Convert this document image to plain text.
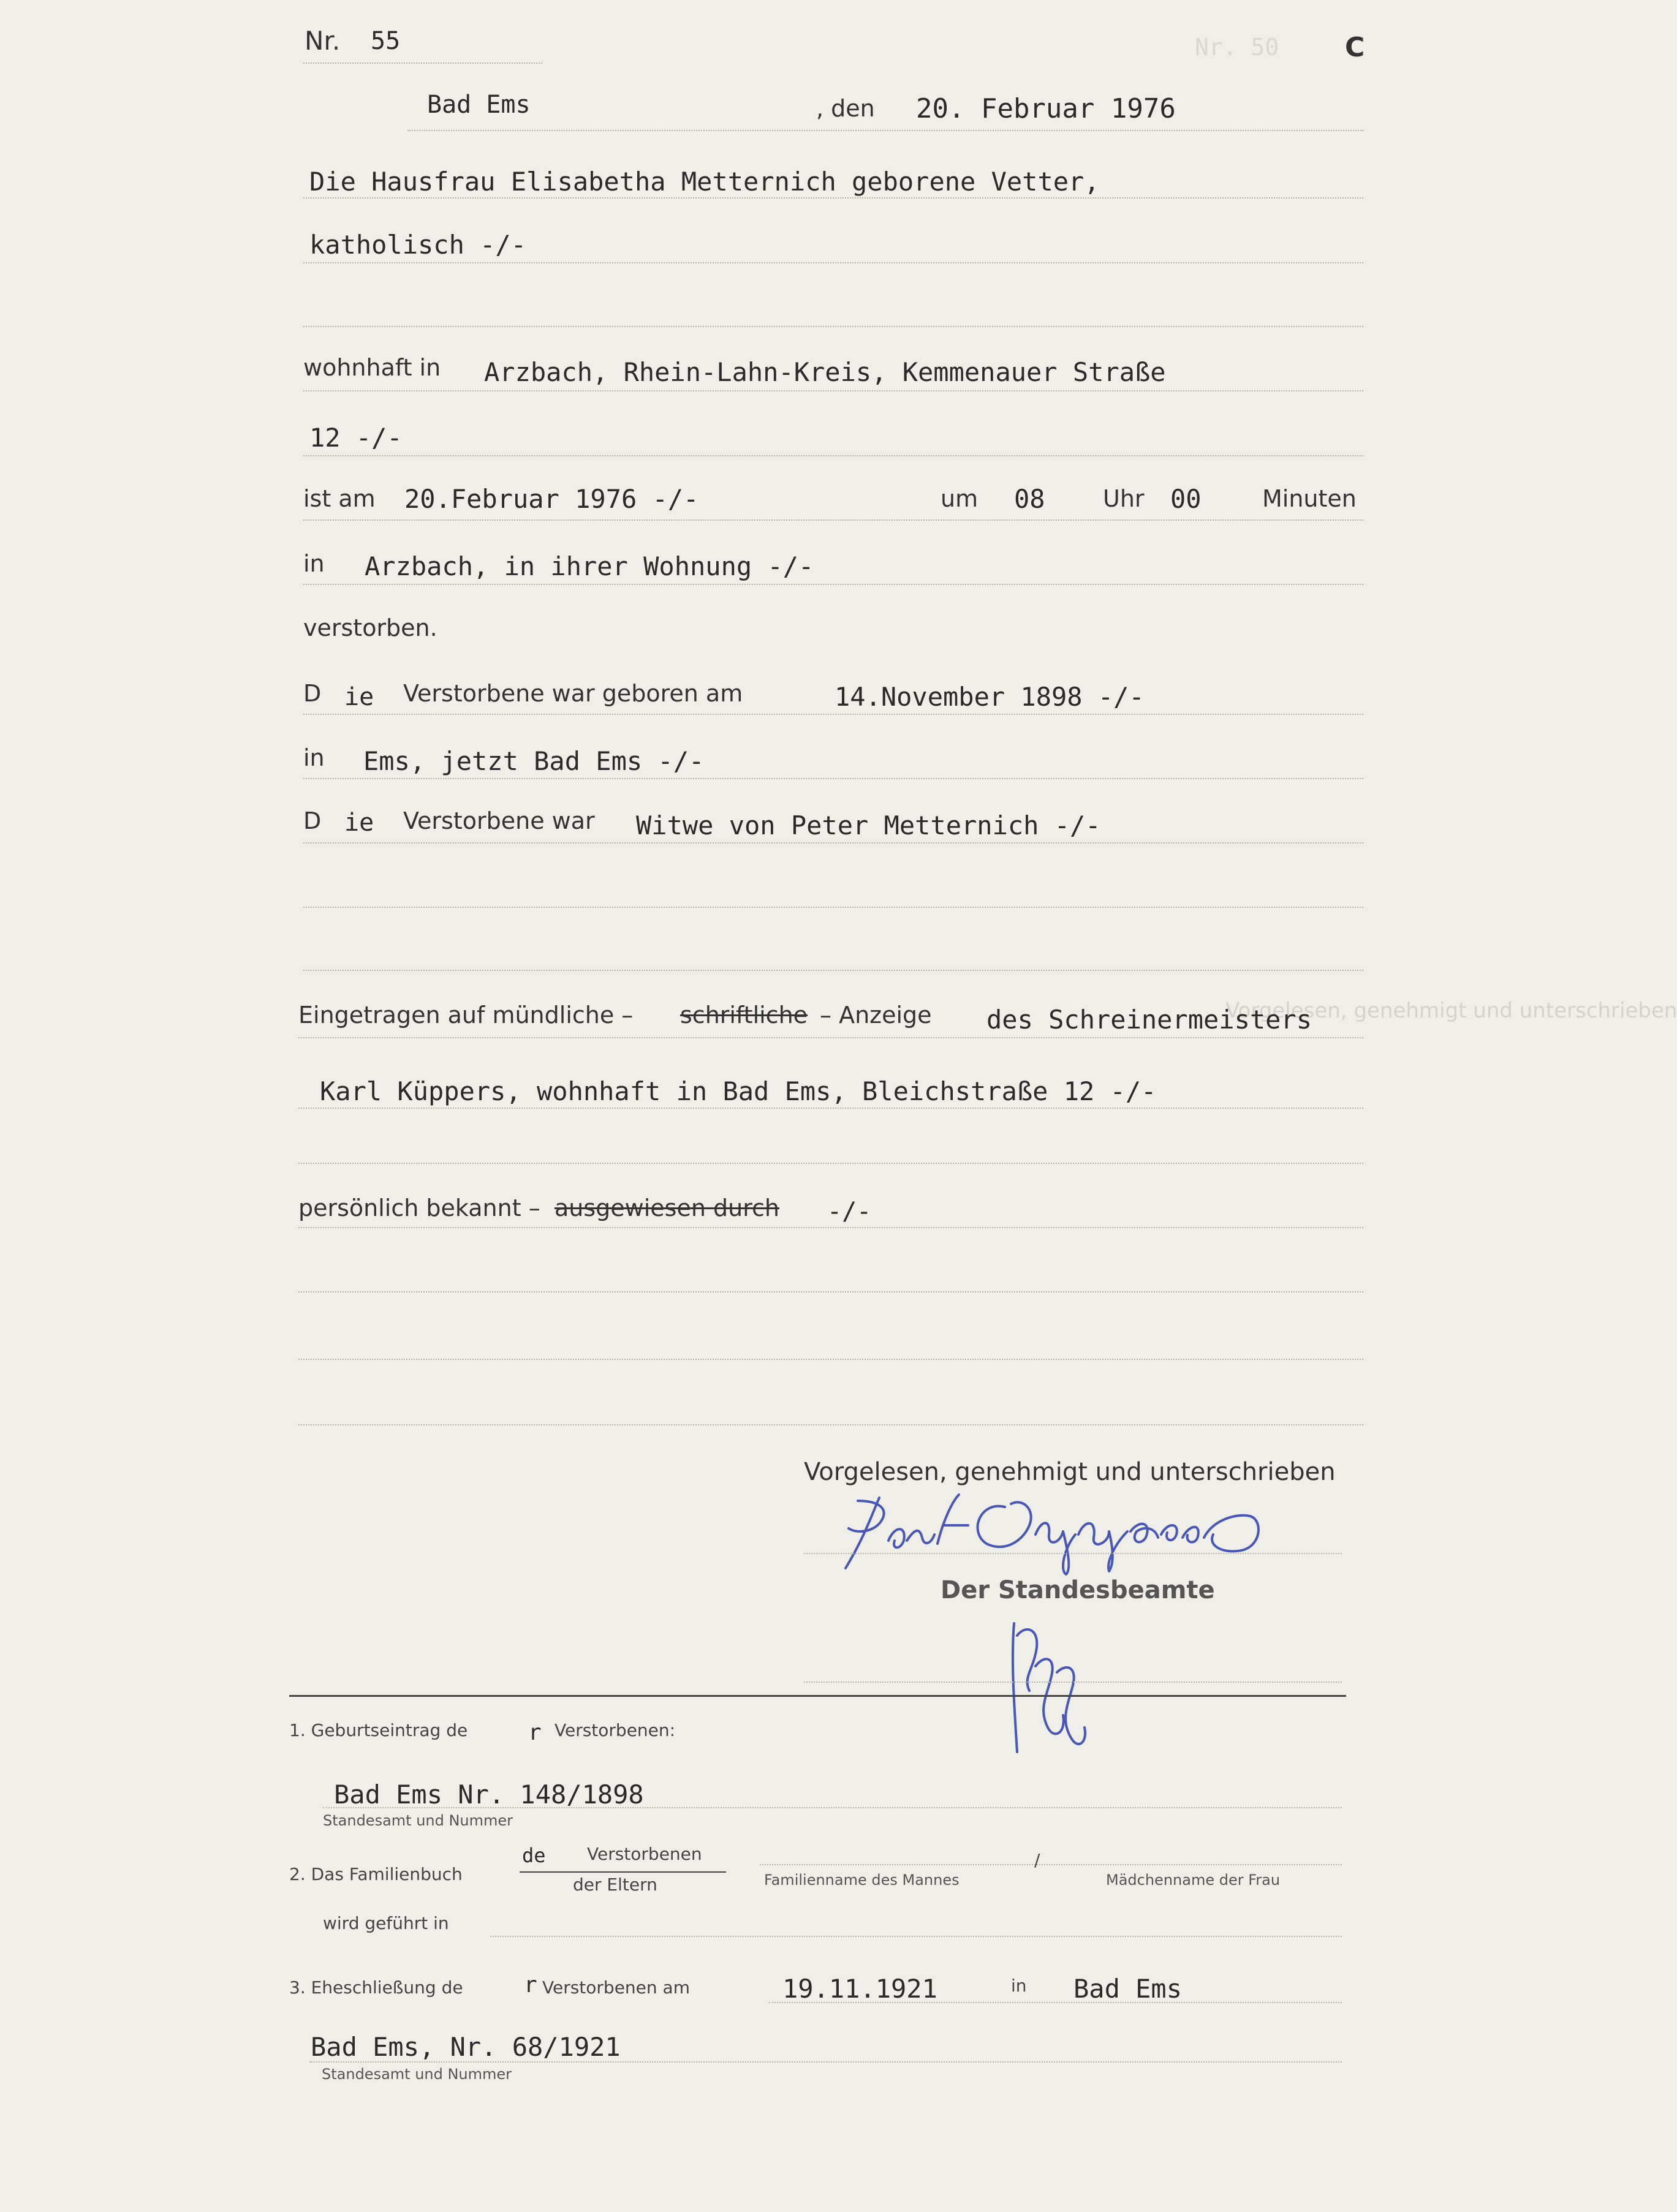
Nr. 50
Vorgelesen, genehmigt und unterschrieben
Nr. 55	C
Bad Ems	, den 20. Februar 1976
Die Hausfrau Elisabetha Metternich geborene Vetter,
katholisch -/-
wohnhaft in Arzbach, Rhein-Lahn-Kreis, Kemmenauer Straße
12 -/-
ist am 20.Februar 1976 -/-	um 08 Uhr 00	Minuten
in Arzbach, in ihrer Wohnung -/-
verstorben.
D ie Verstorbene war geboren am	14.November 1898 -/-
in Ems, jetzt Bad Ems -/-
D ie Verstorbene war Witwe von Peter Metternich -/-
Eingetragen auf mündliche – schriftliche – Anzeige des Schreinermeisters
Karl Küppers, wohnhaft in Bad Ems, Bleichstraße 12 -/-
persönlich bekannt – ausgewiesen durch -/-
Vorgelesen, genehmigt und unterschrieben
Der Standesbeamte
1. Geburtseintrag de	r Verstorbenen:
Bad Ems Nr. 148/1898
Standesamt und Nummer
2. Das Familienbuch
de Verstorbenen
der Eltern	Familienname des Mannes
/
Mädchenname der Frau
wird geführt in
3. Eheschließung de	r Verstorbenen am	19.11.1921	in Bad Ems
Bad Ems, Nr. 68/1921
Standesamt und Nummer
